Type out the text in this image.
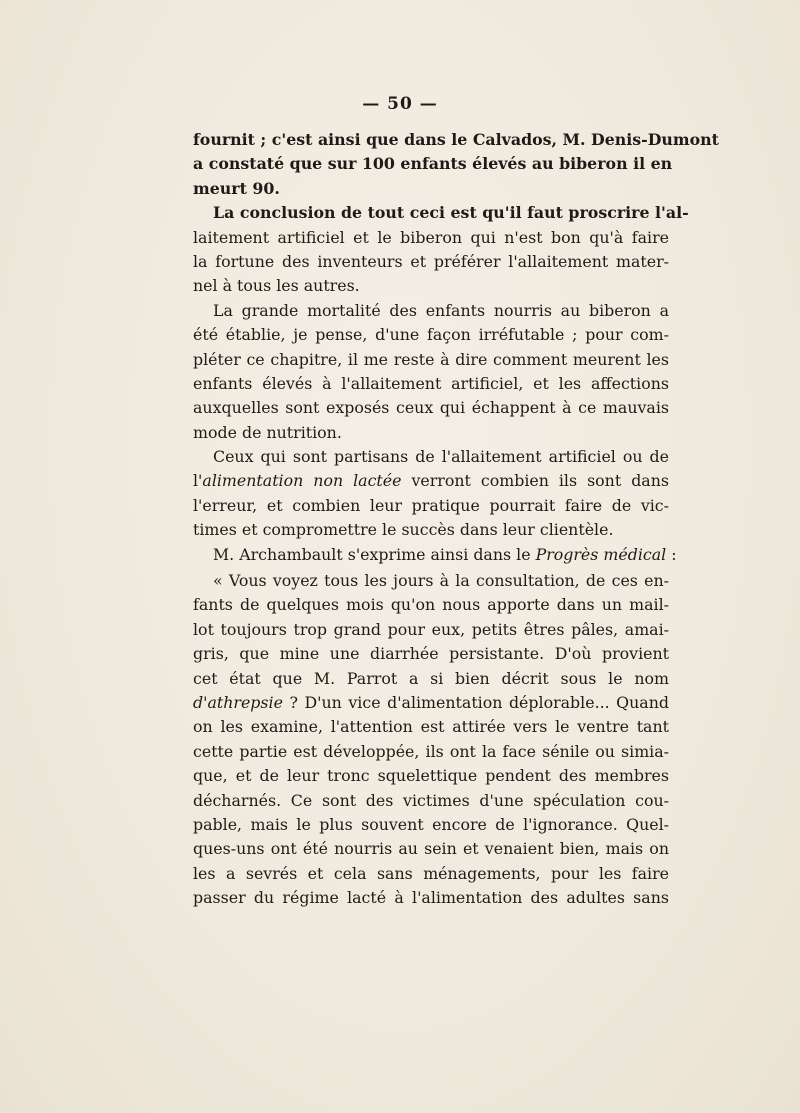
— 50 —
fournit ; c'est ainsi que dans le Calvados, M. Denis-Dumont
a constaté que sur 100 enfants élevés au biberon il en
meurt 90.
La conclusion de tout ceci est qu'il faut proscrire l'al-
laitement artificiel et le biberon qui n'est bon qu'à faire
la fortune des inventeurs et préférer l'allaitement mater-
nel à tous les autres.
La grande mortalité des enfants nourris au biberon a
été établie, je pense, d'une façon irréfutable ; pour com-
pléter ce chapitre, il me reste à dire comment meurent les
enfants élevés à l'allaitement artificiel, et les affections
auxquelles sont exposés ceux qui échappent à ce mauvais
mode de nutrition.
Ceux qui sont partisans de l'allaitement artificiel ou de
l'alimentation non lactée verront combien ils sont dans
l'erreur, et combien leur pratique pourrait faire de vic-
times et compromettre le succès dans leur clientèle.
M. Archambault s'exprime ainsi dans le Progrès médical :
« Vous voyez tous les jours à la consultation, de ces en-
fants de quelques mois qu'on nous apporte dans un mail-
lot toujours trop grand pour eux, petits êtres pâles, amai-
gris, que mine une diarrhée persistante. D'où provient
cet état que M. Parrot a si bien décrit sous le nom
d'athrepsie ? D'un vice d'alimentation déplorable... Quand
on les examine, l'attention est attirée vers le ventre tant
cette partie est développée, ils ont la face sénile ou simia-
que, et de leur tronc squelettique pendent des membres
décharnés. Ce sont des victimes d'une spéculation cou-
pable, mais le plus souvent encore de l'ignorance. Quel-
ques-uns ont été nourris au sein et venaient bien, mais on
les a sevrés et cela sans ménagements, pour les faire
passer du régime lacté à l'alimentation des adultes sans
